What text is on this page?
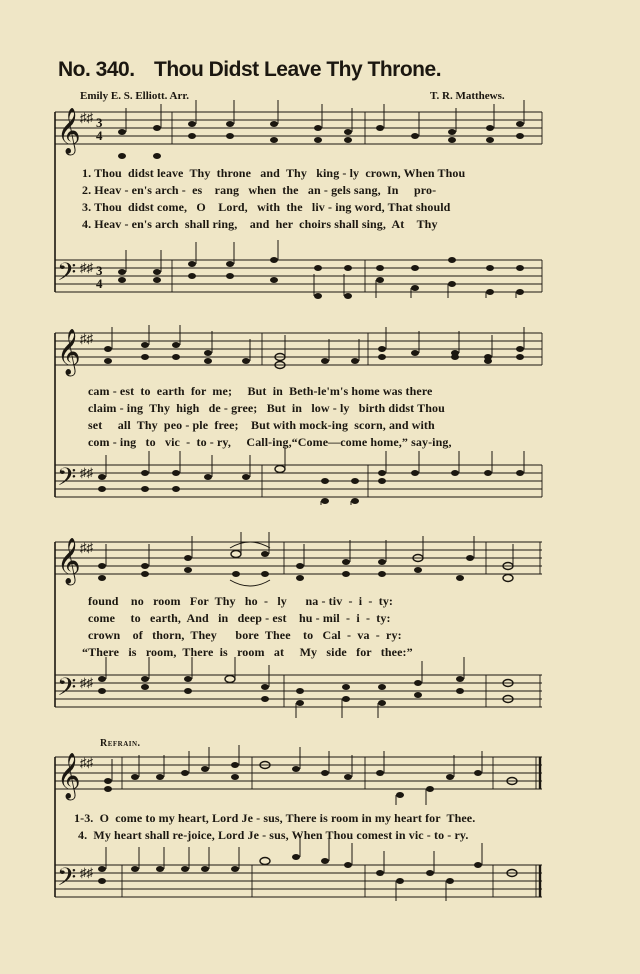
No. 340. Thou Didst Leave Thy Throne.
Emily E. S. Elliott. Arr.	T. R. Matthews.
𝄞
𝄢
♯♯
♯♯
3
4
3
4
1. Thou  didst leave  Thy  throne   and  Thy   king - ly  crown, When Thou
2. Heav - en's arch -  es    rang   when  the   an - gels sang,  In     pro-
3. Thou  didst come,   O    Lord,   with  the   liv - ing word, That should
4. Heav - en's arch  shall ring,    and  her  choirs shall sing,  At    Thy
𝄞
𝄢
♯♯
♯♯
cam - est  to  earth  for  me;     But  in  Beth-le'm's home was there
claim - ing  Thy  high   de - gree;   But  in   low - ly   birth didst Thou
set     all  Thy  peo - ple  free;    But with mock-ing  scorn, and with
com - ing   to   vic  -  to - ry,     Call-ing,“Come—come home,” say-ing,
𝄞
𝄢
♯♯
♯♯
found    no   room   For  Thy   ho  -   ly      na - tiv  -  i  -  ty:
come     to   earth,  And   in   deep - est    hu - mil  -  i  -  ty:
crown    of   thorn,  They      bore  Thee    to   Cal  -  va  -  ry:
“There   is   room,  There  is   room   at     My   side   for   thee:”
Refrain.
𝄞
𝄢
♯♯
♯♯
1-3.  O  come to my heart, Lord Je - sus, There is room in my heart for  Thee.
4.  My heart shall re-joice, Lord Je - sus, When Thou comest in vic - to - ry.
